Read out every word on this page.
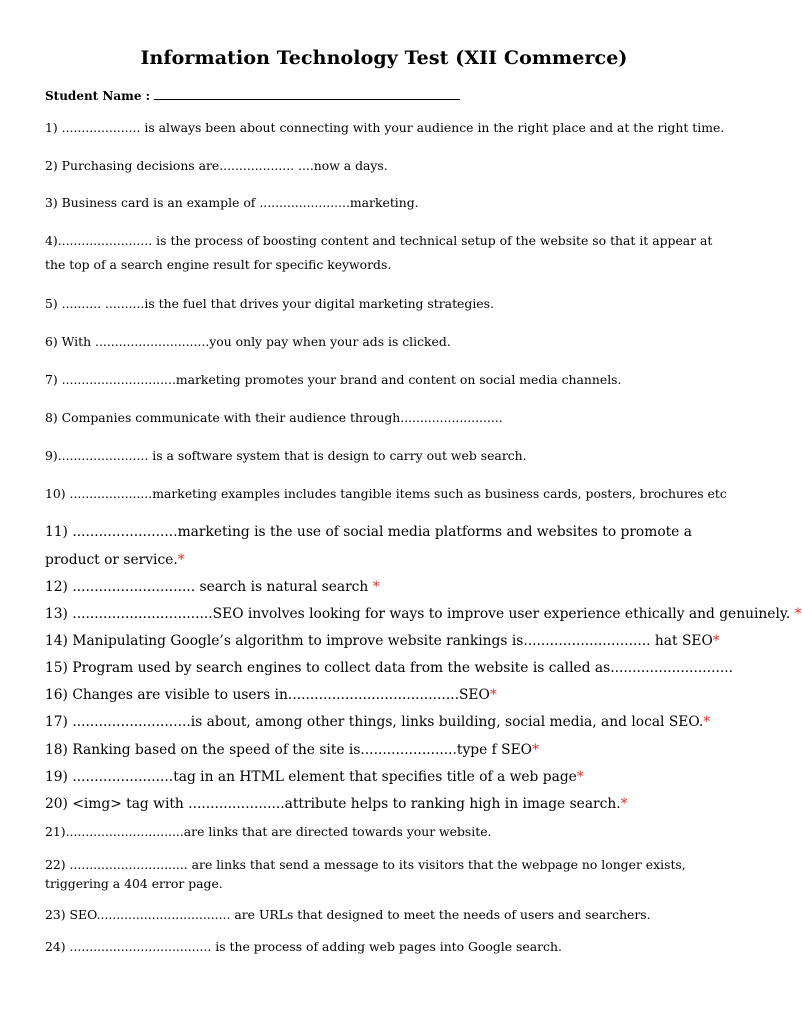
Information Technology Test (XII Commerce)
Student Name :
1) .................... is always been about connecting with your audience in the right place and at the right time.
2) Purchasing decisions are................... ....now a days.
3) Business card is an example of .......................marketing.
4)........................ is the process of boosting content and technical setup of the website so that it appear at the top of a search engine result for specific keywords.
5) .......... ..........is the fuel that drives your digital marketing strategies.
6) With .............................you only pay when your ads is clicked.
7) .............................marketing promotes your brand and content on social media channels.
8) Companies communicate with their audience through..........................
9)....................... is a software system that is design to carry out web search.
10) .....................marketing examples includes tangible items such as business cards, posters, brochures etc
11) ........................marketing is the use of social media platforms and websites to promote a product or service.*
12) ............................ search is natural search *
13) ................................SEO involves looking for ways to improve user experience ethically and genuinely. *
14) Manipulating Google’s algorithm to improve website rankings is............................. hat SEO*
15) Program used by search engines to collect data from the website is called as............................
16) Changes are visible to users in.......................................SEO*
17) ...........................is about, among other things, links building, social media, and local SEO.*
18) Ranking based on the speed of the site is......................type f SEO*
19) .......................tag in an HTML element that specifies title of a web page*
20) <img> tag with ......................attribute helps to ranking high in image search.*
21)..............................are links that are directed towards your website.
22) .............................. are links that send a message to its visitors that the webpage no longer exists, triggering a 404 error page.
23) SEO.................................. are URLs that designed to meet the needs of users and searchers.
24) .................................... is the process of adding web pages into Google search.
